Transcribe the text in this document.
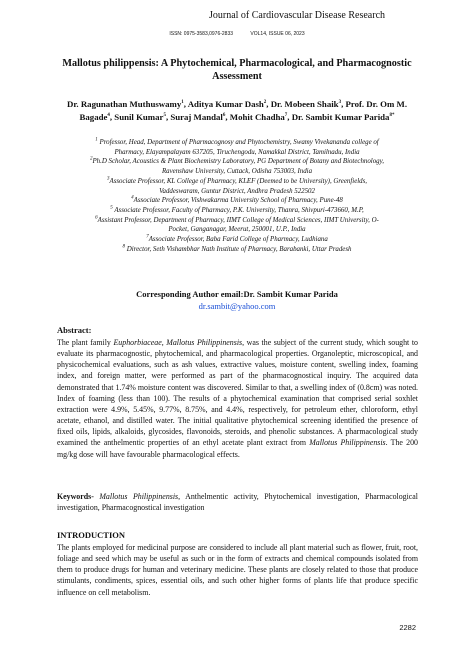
Journal of Cardiovascular Disease Research
ISSN: 0975-3583,0976-2833	VOL14, ISSUE 06, 2023
Mallotus philippensis: A Phytochemical, Pharmacological, and Pharmacognostic
Assessment
Dr. Ragunathan Muthuswamy$^1$, Aditya Kumar Dash$^2$, Dr. Mobeen Shaik$^3$, Prof. Dr. Om M.
Bagade$^4$, Sunil Kumar$^5$, Suraj Mandal$^6$, Mohit Chadha$^7$, Dr. Sambit Kumar Parida$^{8*}$
$^1$ Professor, Head, Department of Pharmacognosy and Phytochemistry, Swamy Vivekananda college of
Pharmacy, Elayampalayam 637205, Tiruchengodu, Namakkal District, Tamilnadu, India
$^2$Ph.D Scholar, Acoustics & Plant Biochemistry Laboratory, PG Department of Botany and Biotechnology,
Ravenshaw University, Cuttack, Odisha 753003, India
$^3$Associate Professor, KL College of Pharmacy, KLEF (Deemed to be University), Greenfields,
Vaddeswaram, Guntur District, Andhra Pradesh 522502
$^4$Associate Professor, Vishwakarma University School of Pharmacy, Pune-48
$^5$ Associate Professor, Faculty of Pharmacy, P.K. University, Thanra, Shivpuri-473660, M.P,
$^6$Assistant Professor, Department of Pharmacy, IIMT College of Medical Sciences, IIMT University, O-
Pocket, Ganganagar, Meerut, 250001, U.P., India
$^7$Associate Professor, Baba Farid College of Pharmacy, Ludhiana
$^8$ Director, Seth Vishambhar Nath Institute of Pharmacy, Barabanki, Uttar Pradesh
Corresponding Author email:Dr. Sambit Kumar Parida
dr.sambit@yahoo.com
Abstract:
The plant family Euphorbiaceae, Mallotus Philippinensis, was the subject of the current study, which sought to evaluate its pharmacognostic, phytochemical, and pharmacological properties. Organoleptic, microscopical, and physicochemical evaluations, such as ash values, extractive values, moisture content, swelling index, foaming index, and foreign matter, were performed as part of the pharmacognostical inquiry. The acquired data demonstrated that 1.74% moisture content was discovered. Similar to that, a swelling index of (0.8cm) was noted. Index of foaming (less than 100). The results of a phytochemical examination that comprised serial soxhlet extraction were 4.9%, 5.45%, 9.77%, 8.75%, and 4.4%, respectively, for petroleum ether, chloroform, ethyl acetate, ethanol, and distilled water. The initial qualitative phytochemical screening identified the presence of fixed oils, lipids, alkaloids, glycosides, flavonoids, steroids, and phenolic substances. A pharmacological study examined the anthelmentic properties of an ethyl acetate plant extract from Mallotus Philippinensis. The 200 mg/kg dose will have favourable pharmacological effects.
Keywords- Mallotus Philippinensis, Anthelmentic activity, Phytochemical investigation, Pharmacological investigation, Pharmacognostical investigation
INTRODUCTION
The plants employed for medicinal purpose are considered to include all plant material such as flower, fruit, root, foliage and seed which may be useful as such or in the form of extracts and chemical compounds isolated from them to produce drugs for human and veterinary medicine. These plants are closely related to those that produce stimulants, condiments, spices, essential oils, and such other higher forms of plants life that produce specific influence on cell metabolism.
2282
